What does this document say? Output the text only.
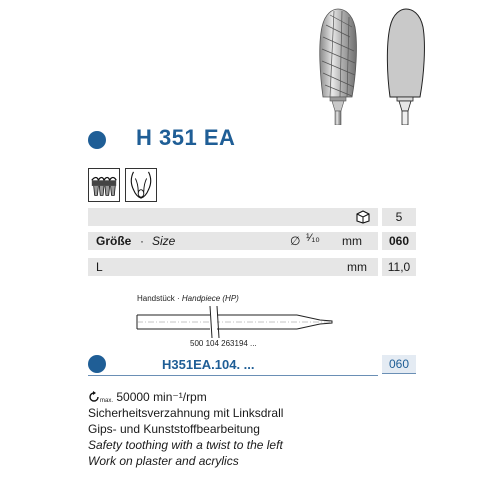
H 351 EA
5
Größe · Size	∅ ¹⁄₁₀ mm	060
L	mm	11,0
Handstück · Handpiece (HP)
500 104 263194 ...
H351EA.104. ...	060
max. 50000 min⁻¹/rpm
Sicherheitsverzahnung mit Linksdrall
Gips- und Kunststoffbearbeitung
Safety toothing with a twist to the left
Work on plaster and acrylics
